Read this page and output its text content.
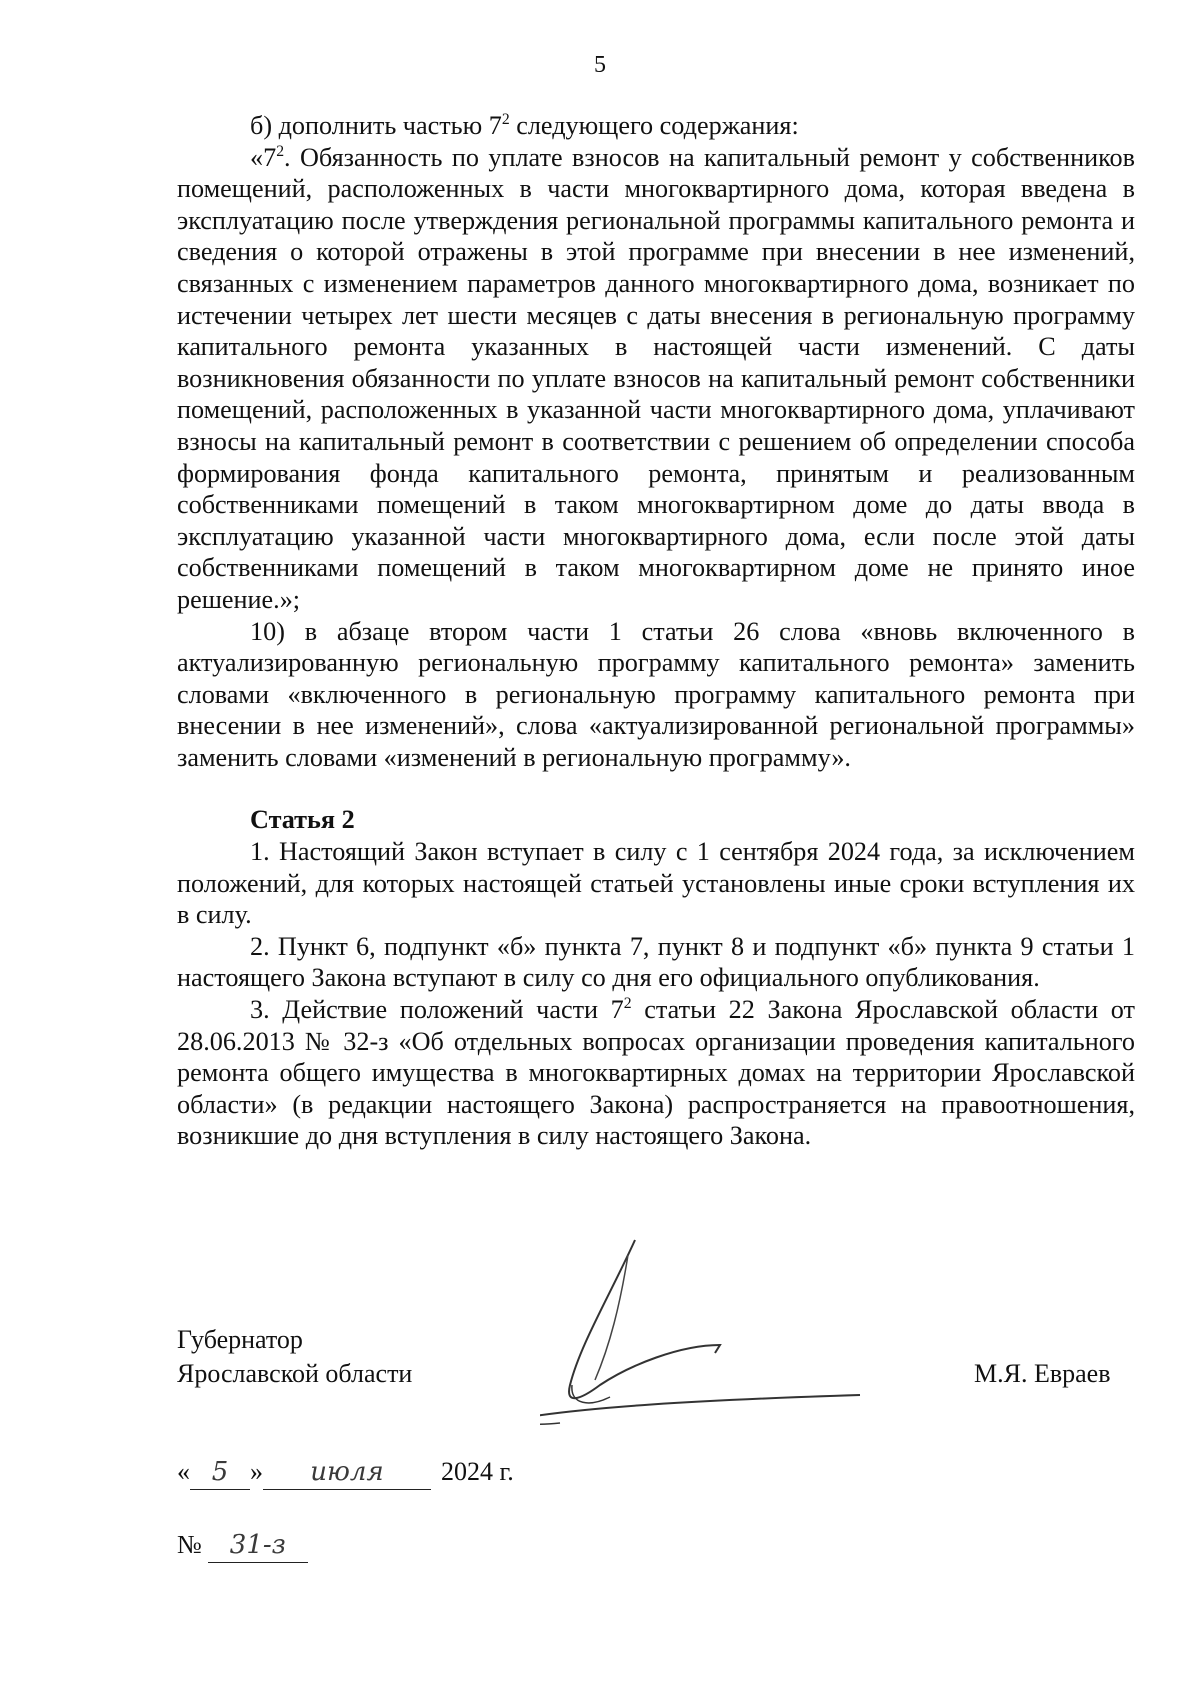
5

б) дополнить частью $7^2$ следующего содержания:

«$7^2$. Обязанность по уплате взносов на капитальный ремонт у собственников помещений, расположенных в части многоквартирного дома, которая введена в эксплуатацию после утверждения региональной программы капитального ремонта и сведения о которой отражены в этой программе при внесении в нее изменений, связанных с изменением параметров данного многоквартирного дома, возникает по истечении четырех лет шести месяцев с даты внесения в региональную программу капитального ремонта указанных в настоящей части изменений. С даты возникновения обязанности по уплате взносов на капитальный ремонт собственники помещений, расположенных в указанной части многоквартирного дома, уплачивают взносы на капитальный ремонт в соответствии с решением об определении способа формирования фонда капитального ремонта, принятым и реализованным собственниками помещений в таком многоквартирном доме до даты ввода в эксплуатацию указанной части многоквартирного дома, если после этой даты собственниками помещений в таком многоквартирном доме не принято иное решение.»;

10) в абзаце втором части 1 статьи 26 слова «вновь включенного в актуализированную региональную программу капитального ремонта» заменить словами «включенного в региональную программу капитального ремонта при внесении в нее изменений», слова «актуализированной региональной программы» заменить словами «изменений в региональную программу».

Статья 2

1. Настоящий Закон вступает в силу с 1 сентября 2024 года, за исключением положений, для которых настоящей статьей установлены иные сроки вступления их в силу.

2. Пункт 6, подпункт «б» пункта 7, пункт 8 и подпункт «б» пункта 9 статьи 1 настоящего Закона вступают в силу со дня его официального опубликования.

3. Действие положений части $7^2$ статьи 22 Закона Ярославской области от 28.06.2013 № 32-з «Об отдельных вопросах организации проведения капитального ремонта общего имущества в многоквартирных домах на территории Ярославской области» (в редакции настоящего Закона) распространяется на правоотношения, возникшие до дня вступления в силу настоящего Закона.

Губернатор
Ярославской области	М.Я. Евраев
« 5 » июля 2024 г.
№ 31-з
